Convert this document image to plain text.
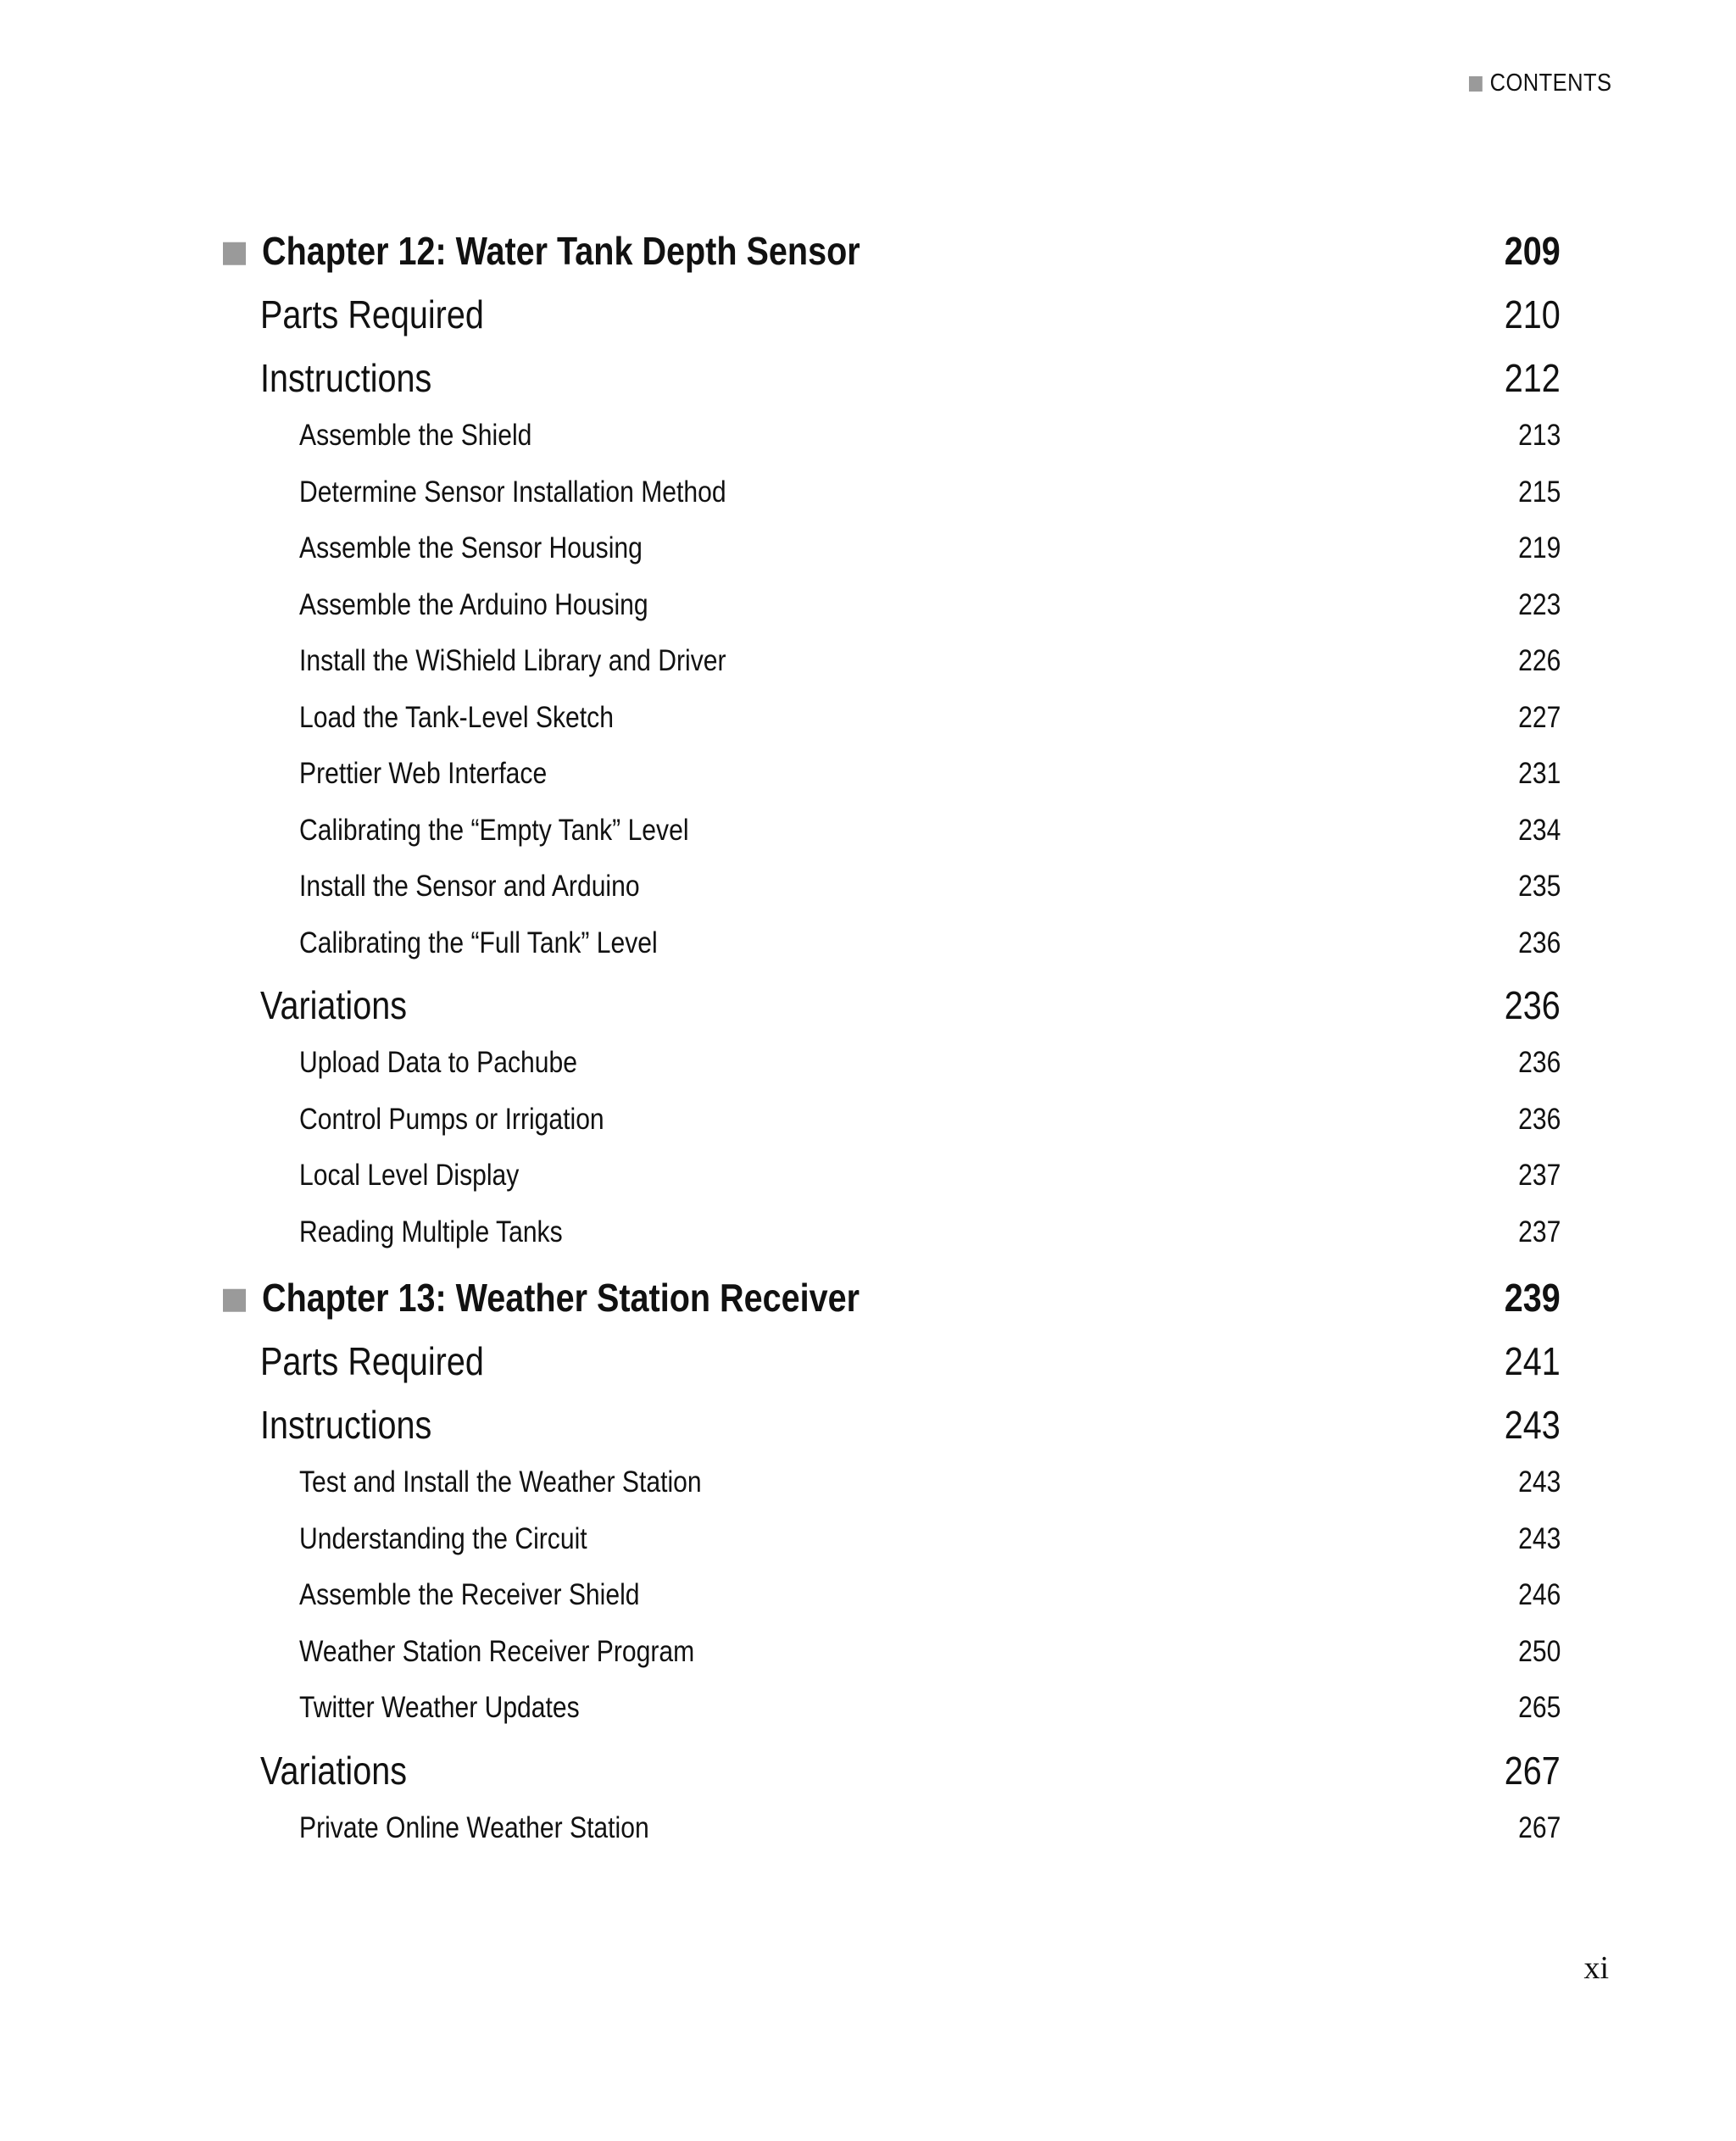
CONTENTS
Chapter 12: Water Tank Depth Sensor	209
Parts Required	210
Instructions	212
Assemble the Shield	213
Determine Sensor Installation Method	215
Assemble the Sensor Housing	219
Assemble the Arduino Housing	223
Install the WiShield Library and Driver	226
Load the Tank-Level Sketch	227
Prettier Web Interface	231
Calibrating the “Empty Tank” Level	234
Install the Sensor and Arduino	235
Calibrating the “Full Tank” Level	236
Variations	236
Upload Data to Pachube	236
Control Pumps or Irrigation	236
Local Level Display	237
Reading Multiple Tanks	237
Chapter 13: Weather Station Receiver	239
Parts Required	241
Instructions	243
Test and Install the Weather Station	243
Understanding the Circuit	243
Assemble the Receiver Shield	246
Weather Station Receiver Program	250
Twitter Weather Updates	265
Variations	267
Private Online Weather Station	267
xi
